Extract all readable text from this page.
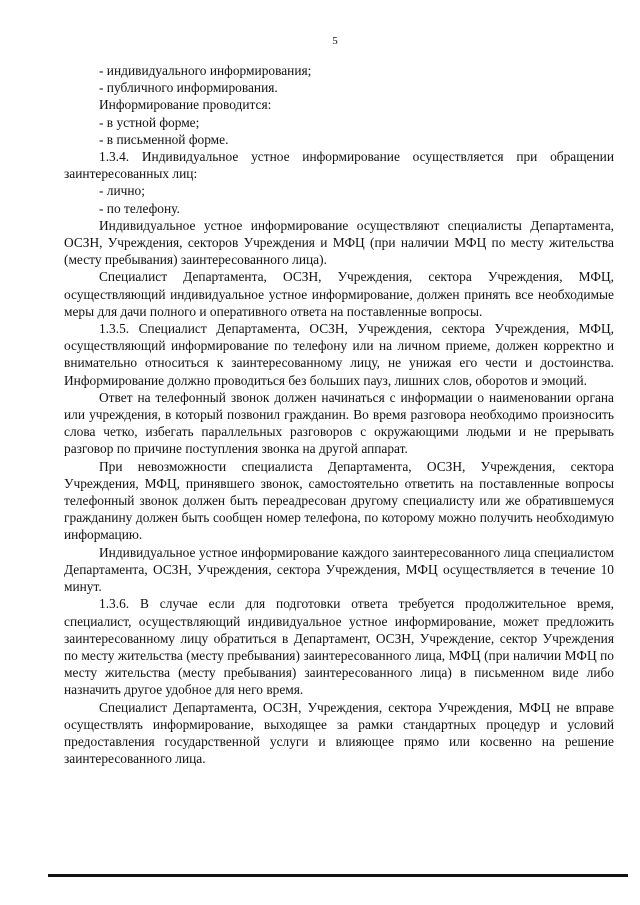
5

- индивидуального информирования;

- публичного информирования.

Информирование проводится:

- в устной форме;

- в письменной форме.

1.3.4. Индивидуальное устное информирование осуществляется при обращении заинтересованных лиц:

- лично;

- по телефону.

Индивидуальное устное информирование осуществляют специалисты Департамента, ОСЗН, Учреждения, секторов Учреждения и МФЦ (при наличии МФЦ по месту жительства (месту пребывания) заинтересованного лица).

Специалист Департамента, ОСЗН, Учреждения, сектора Учреждения, МФЦ, осуществляющий индивидуальное устное информирование, должен принять все необходимые меры для дачи полного и оперативного ответа на поставленные вопросы.

1.3.5. Специалист Департамента, ОСЗН, Учреждения, сектора Учреждения, МФЦ, осуществляющий информирование по телефону или на личном приеме, должен корректно и внимательно относиться к заинтересованному лицу, не унижая его чести и достоинства. Информирование должно проводиться без больших пауз, лишних слов, оборотов и эмоций.

Ответ на телефонный звонок должен начинаться с информации о наименовании органа или учреждения, в который позвонил гражданин. Во время разговора необходимо произносить слова четко, избегать параллельных разговоров с окружающими людьми и не прерывать разговор по причине поступления звонка на другой аппарат.

При невозможности специалиста Департамента, ОСЗН, Учреждения, сектора Учреждения, МФЦ, принявшего звонок, самостоятельно ответить на поставленные вопросы телефонный звонок должен быть переадресован другому специалисту или же обратившемуся гражданину должен быть сообщен номер телефона, по которому можно получить необходимую информацию.

Индивидуальное устное информирование каждого заинтересованного лица специалистом Департамента, ОСЗН, Учреждения, сектора Учреждения, МФЦ осуществляется в течение 10 минут.

1.3.6. В случае если для подготовки ответа требуется продолжительное время, специалист, осуществляющий индивидуальное устное информирование, может предложить заинтересованному лицу обратиться в Департамент, ОСЗН, Учреждение, сектор Учреждения по месту жительства (месту пребывания) заинтересованного лица, МФЦ (при наличии МФЦ по месту жительства (месту пребывания) заинтересованного лица) в письменном виде либо назначить другое удобное для него время.

Специалист Департамента, ОСЗН, Учреждения, сектора Учреждения, МФЦ не вправе осуществлять информирование, выходящее за рамки стандартных процедур и условий предоставления государственной услуги и влияющее прямо или косвенно на решение заинтересованного лица.
